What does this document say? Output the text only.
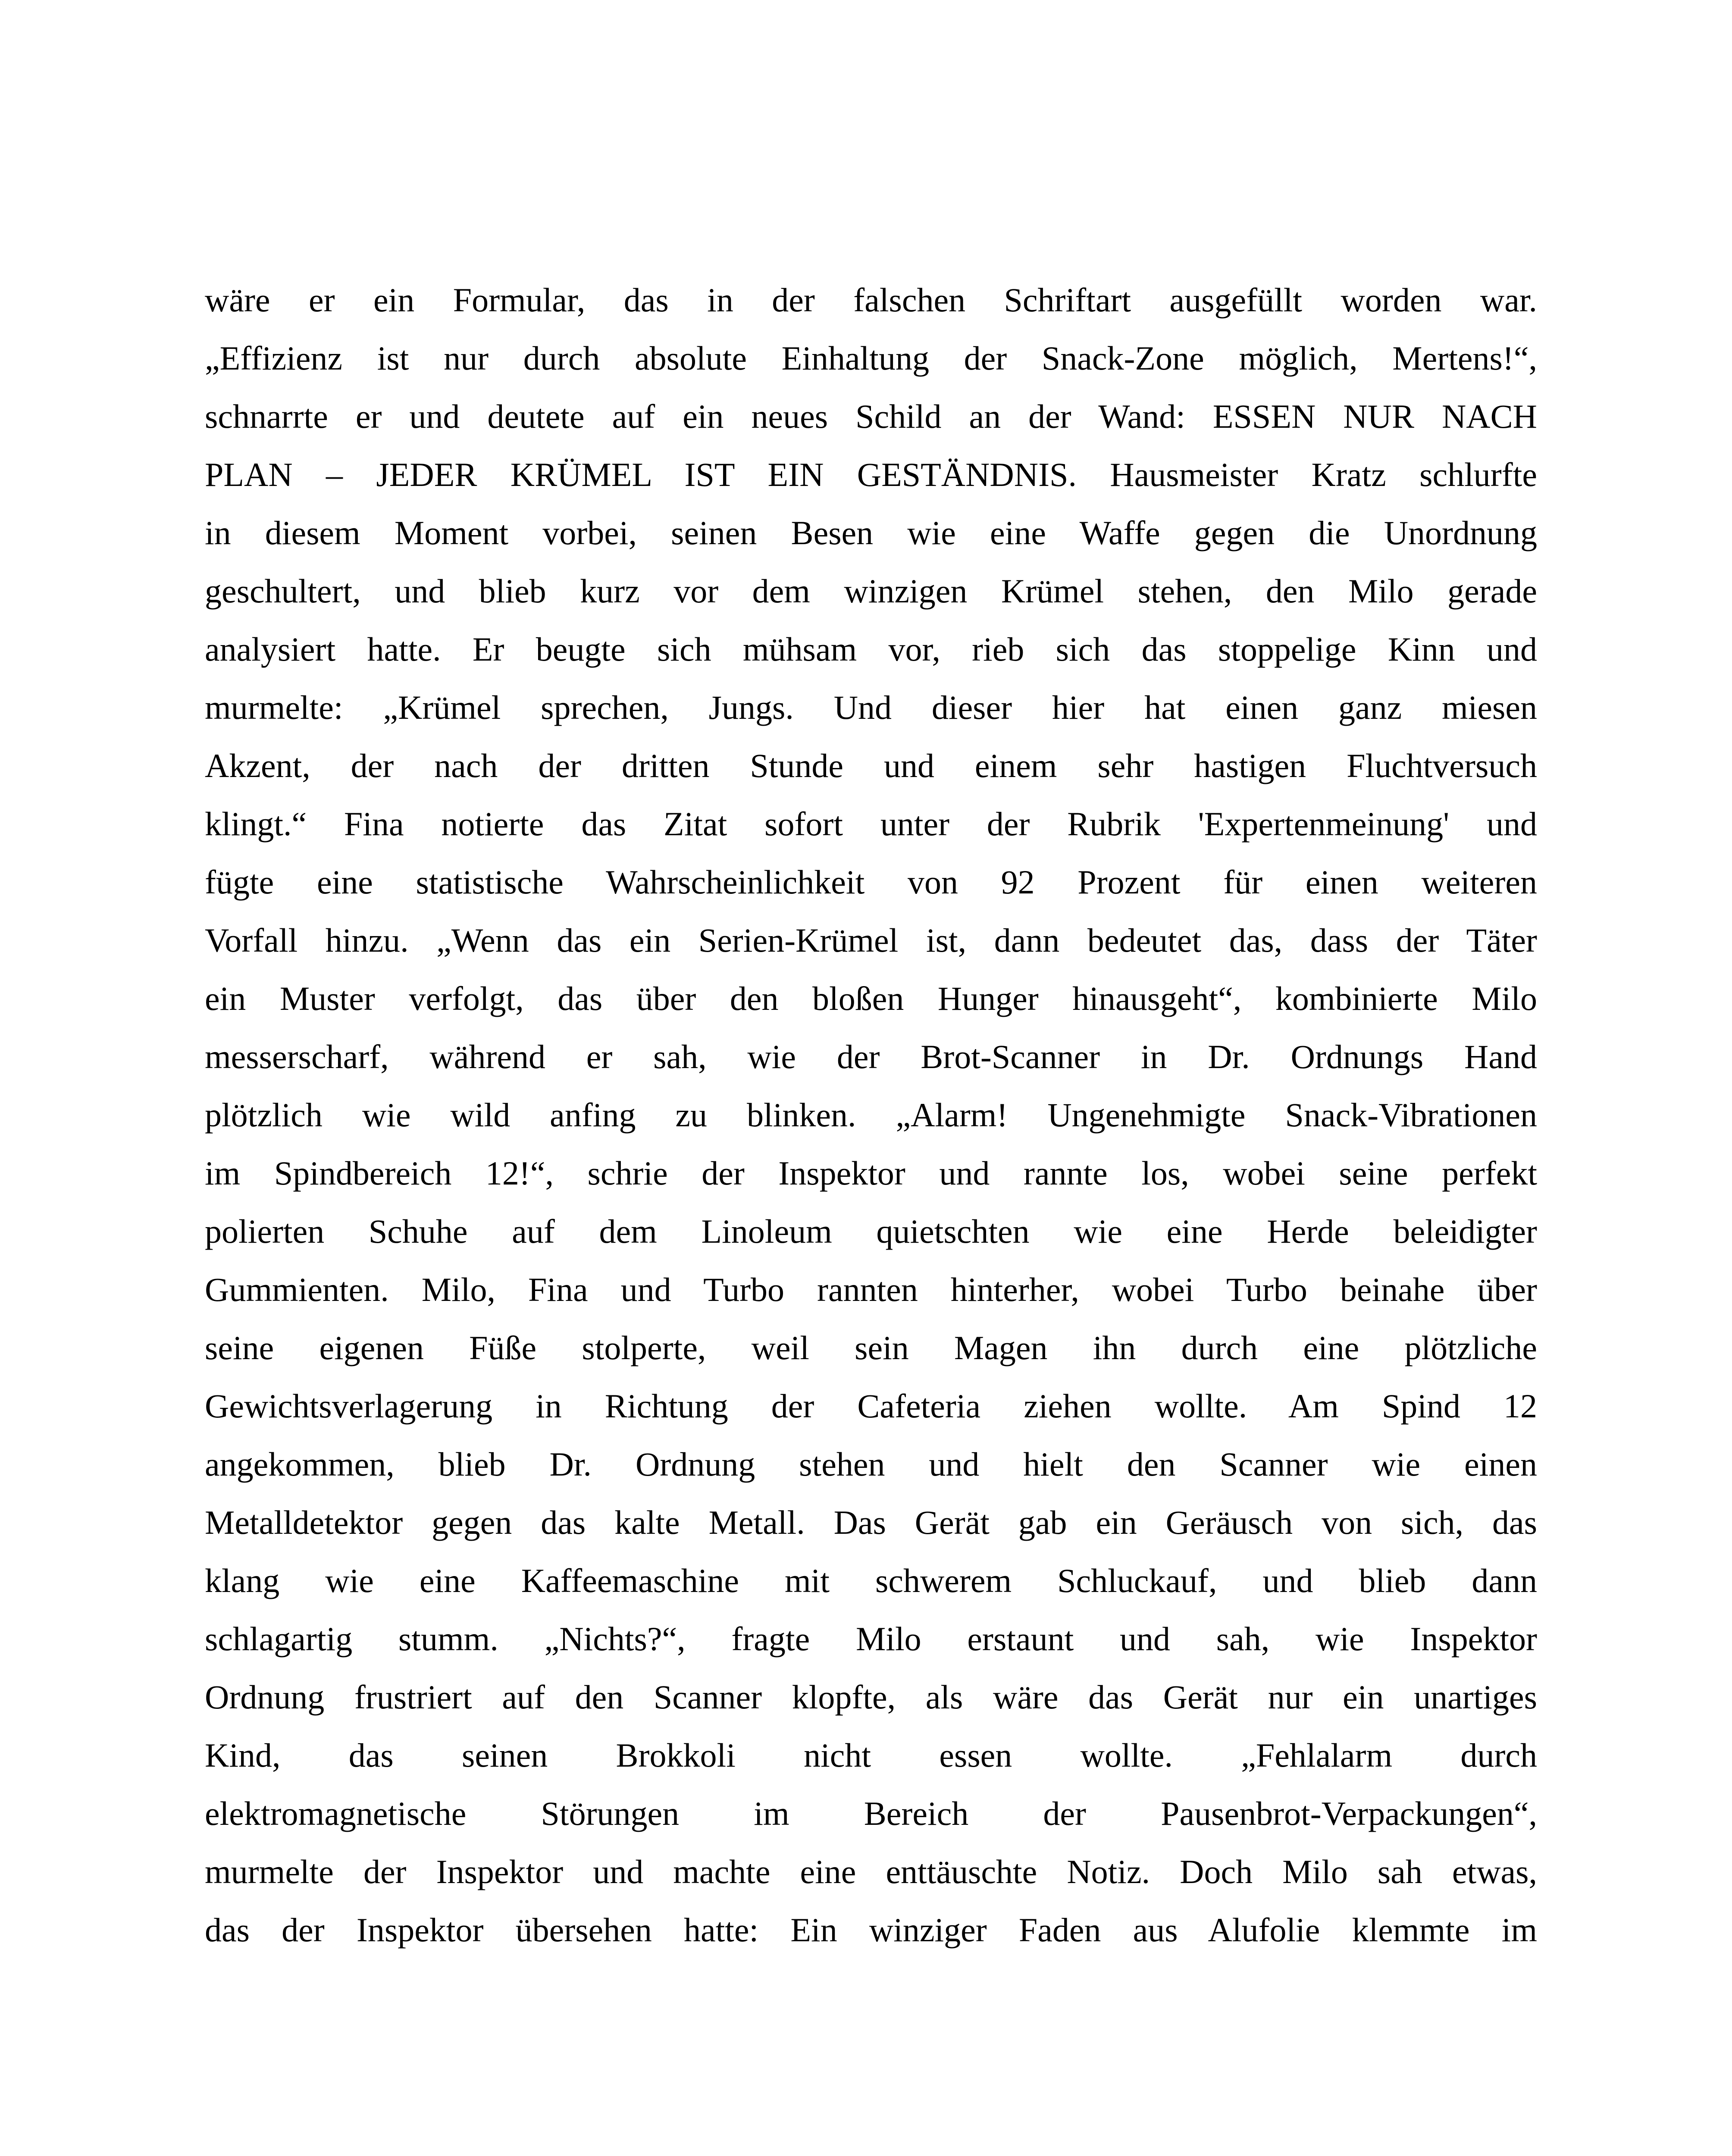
wäre er ein Formular, das in der falschen Schriftart ausgefüllt worden war.
„Effizienz ist nur durch absolute Einhaltung der Snack-Zone möglich, Mertens!“,
schnarrte er und deutete auf ein neues Schild an der Wand: ESSEN NUR NACH
PLAN – JEDER KRÜMEL IST EIN GESTÄNDNIS. Hausmeister Kratz schlurfte
in diesem Moment vorbei, seinen Besen wie eine Waffe gegen die Unordnung
geschultert, und blieb kurz vor dem winzigen Krümel stehen, den Milo gerade
analysiert hatte. Er beugte sich mühsam vor, rieb sich das stoppelige Kinn und
murmelte: „Krümel sprechen, Jungs. Und dieser hier hat einen ganz miesen
Akzent, der nach der dritten Stunde und einem sehr hastigen Fluchtversuch
klingt.“ Fina notierte das Zitat sofort unter der Rubrik 'Expertenmeinung' und
fügte eine statistische Wahrscheinlichkeit von 92 Prozent für einen weiteren
Vorfall hinzu. „Wenn das ein Serien-Krümel ist, dann bedeutet das, dass der Täter
ein Muster verfolgt, das über den bloßen Hunger hinausgeht“, kombinierte Milo
messerscharf, während er sah, wie der Brot-Scanner in Dr. Ordnungs Hand
plötzlich wie wild anfing zu blinken. „Alarm! Ungenehmigte Snack-Vibrationen
im Spindbereich 12!“, schrie der Inspektor und rannte los, wobei seine perfekt
polierten Schuhe auf dem Linoleum quietschten wie eine Herde beleidigter
Gummienten. Milo, Fina und Turbo rannten hinterher, wobei Turbo beinahe über
seine eigenen Füße stolperte, weil sein Magen ihn durch eine plötzliche
Gewichtsverlagerung in Richtung der Cafeteria ziehen wollte. Am Spind 12
angekommen, blieb Dr. Ordnung stehen und hielt den Scanner wie einen
Metalldetektor gegen das kalte Metall. Das Gerät gab ein Geräusch von sich, das
klang wie eine Kaffeemaschine mit schwerem Schluckauf, und blieb dann
schlagartig stumm. „Nichts?“, fragte Milo erstaunt und sah, wie Inspektor
Ordnung frustriert auf den Scanner klopfte, als wäre das Gerät nur ein unartiges
Kind, das seinen Brokkoli nicht essen wollte. „Fehlalarm durch
elektromagnetische Störungen im Bereich der Pausenbrot-Verpackungen“,
murmelte der Inspektor und machte eine enttäuschte Notiz. Doch Milo sah etwas,
das der Inspektor übersehen hatte: Ein winziger Faden aus Alufolie klemmte im
